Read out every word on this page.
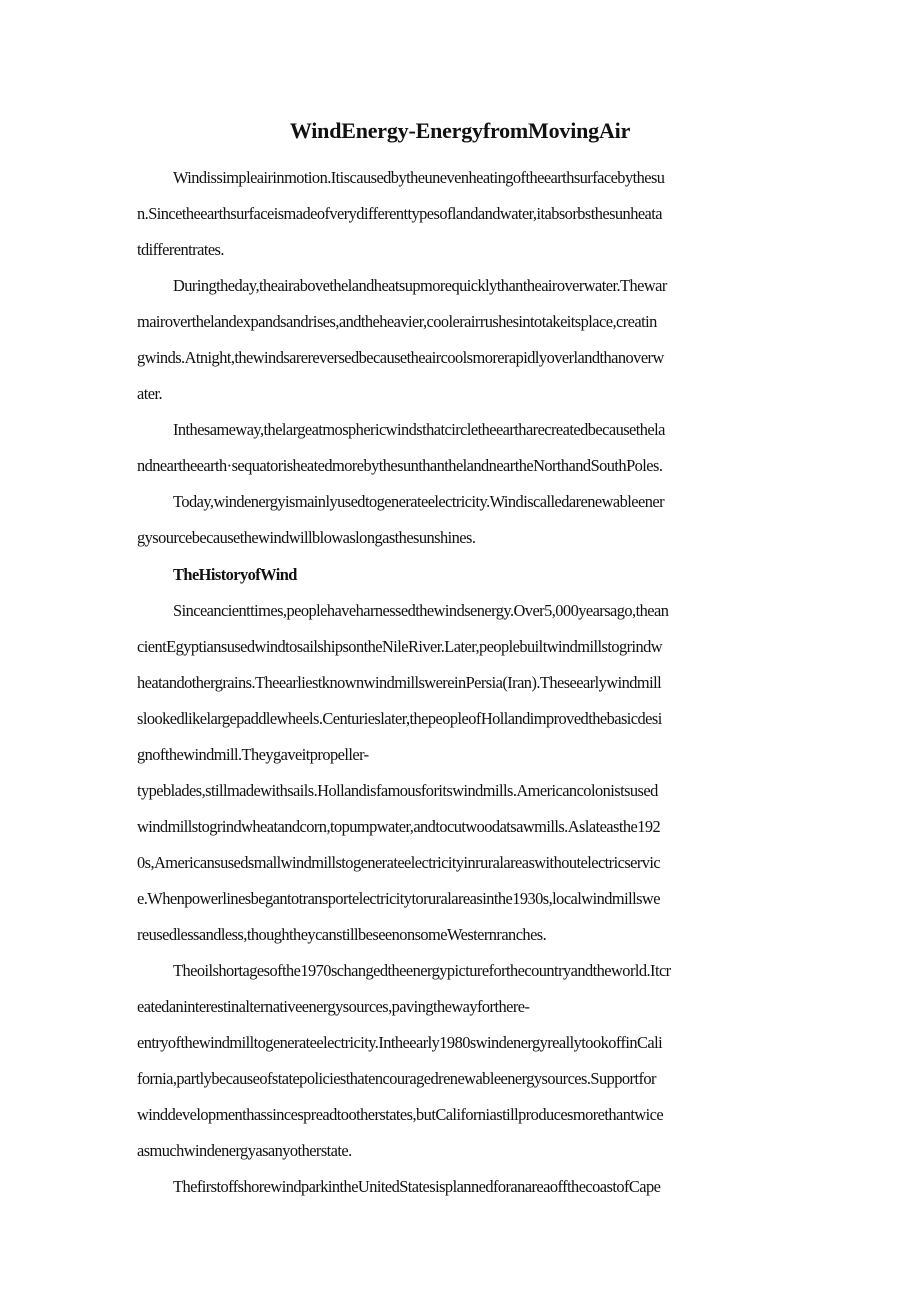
WindEnergy-EnergyfromMovingAir
Windissimpleairinmotion.Itiscausedbytheunevenheatingoftheearthsurfacebythesu
n.Sincetheearthsurfaceismadeofverydifferenttypesoflandandwater,itabsorbsthesunheata
tdifferentrates.
Duringtheday,theairabovethelandheatsupmorequicklythantheairoverwater.Thewar
mairoverthelandexpandsandrises,andtheheavier,coolerairrushesintotakeitsplace,creatin
gwinds.Atnight,thewindsarereversedbecausetheaircoolsmorerapidlyoverlandthanoverw
ater.
Inthesameway,thelargeatmosphericwindsthatcircletheeartharecreatedbecausethela
ndneartheearth·sequatorisheatedmorebythesunthanthelandneartheNorthandSouthPoles.
Today,windenergyismainlyusedtogenerateelectricity.Windiscalledarenewableener
gysourcebecausethewindwillblowaslongasthesunshines.
TheHistoryofWind
Sinceancienttimes,peoplehaveharnessedthewindsenergy.Over5,000yearsago,thean
cientEgyptiansusedwindtosailshipsontheNileRiver.Later,peoplebuiltwindmillstogrindw
heatandothergrains.TheearliestknownwindmillswereinPersia(Iran).Theseearlywindmill
slookedlikelargepaddlewheels.Centurieslater,thepeopleofHollandimprovedthebasicdesi
gnofthewindmill.Theygaveitpropeller-
typeblades,stillmadewithsails.Hollandisfamousforitswindmills.Americancolonistsused
windmillstogrindwheatandcorn,topumpwater,andtocutwoodatsawmills.Aslateasthe192
0s,Americansusedsmallwindmillstogenerateelectricityinruralareaswithoutelectricservic
e.Whenpowerlinesbegantotransportelectricitytoruralareasinthe1930s,localwindmillswe
reusedlessandless,thoughtheycanstillbeseenonsomeWesternranches.
Theoilshortagesofthe1970schangedtheenergypictureforthecountryandtheworld.Itcr
eatedaninterestinalternativeenergysources,pavingthewayforthere-
entryofthewindmilltogenerateelectricity.Intheearly1980swindenergyreallytookoffinCali
fornia,partlybecauseofstatepoliciesthatencouragedrenewableenergysources.Supportfor
winddevelopmenthassincespreadtootherstates,butCaliforniastillproducesmorethantwice
asmuchwindenergyasanyotherstate.
ThefirstoffshorewindparkintheUnitedStatesisplannedforanareaoffthecoastofCape
